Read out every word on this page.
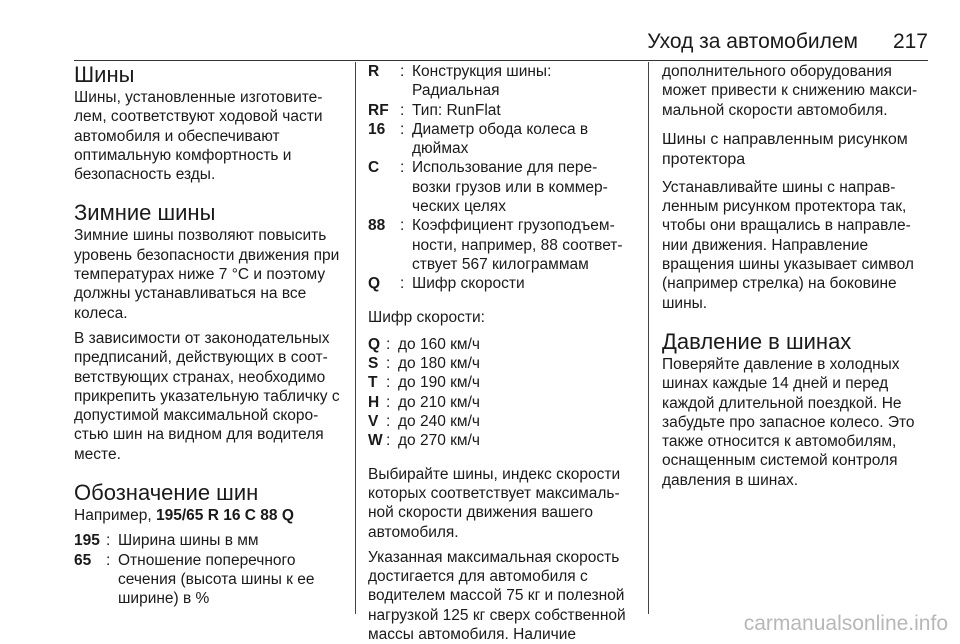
Уход за автомобилем 217
Шины

Шины, установленные изготовите-лем, соответствуют ходовой части автомобиля и обеспечивают оптимальную комфортность и безопасность езды.

Зимние шины

Зимние шины позволяют повысить уровень безопасности движения при температурах ниже 7 °C и поэтому должны устанавливаться на все колеса.

В зависимости от законодательных предписаний, действующих в соот-ветствующих странах, необходимо прикрепить указательную табличку с допустимой максимальной скоро-стью шин на видном для водителя месте.

Обозначение шин

Например, 195/65 R 16 C 88 Q

195 : Ширина шины в мм
65 : Отношение поперечного сечения (высота шины к ее ширине) в %
R	: Конструкция шины: Радиальная
RF : Тип: RunFlat
16 : Диаметр обода колеса в дюймах
C	: Использование для пере-возки грузов или в коммер-ческих целях
88 : Коэффициент грузоподъем-ности, например, 88 соответ-ствует 567 килограммам
Q	: Шифр скорости

Шифр скорости:

Q : до 160 км/ч
S : до 180 км/ч
T : до 190 км/ч
H : до 210 км/ч
V : до 240 км/ч
W : до 270 км/ч

Выбирайте шины, индекс скорости которых соответствует максималь-ной скорости движения вашего автомобиля.

Указанная максимальная скорость достигается для автомобиля с водителем массой 75 кг и полезной нагрузкой 125 кг сверх собственной массы автомобиля. Наличие

дополнительного оборудования может привести к снижению макси-мальной скорости автомобиля.

Шины с направленным рисунком протектора

Устанавливайте шины с направ-ленным рисунком протектора так, чтобы они вращались в направле-нии движения. Направление вращения шины указывает символ (например стрелка) на боковине шины.

Давление в шинах

Поверяйте давление в холодных шинах каждые 14 дней и перед каждой длительной поездкой. Не забудьте про запасное колесо. Это также относится к автомобилям, оснащенным системой контроля давления в шинах.

carmanualsonline.info
